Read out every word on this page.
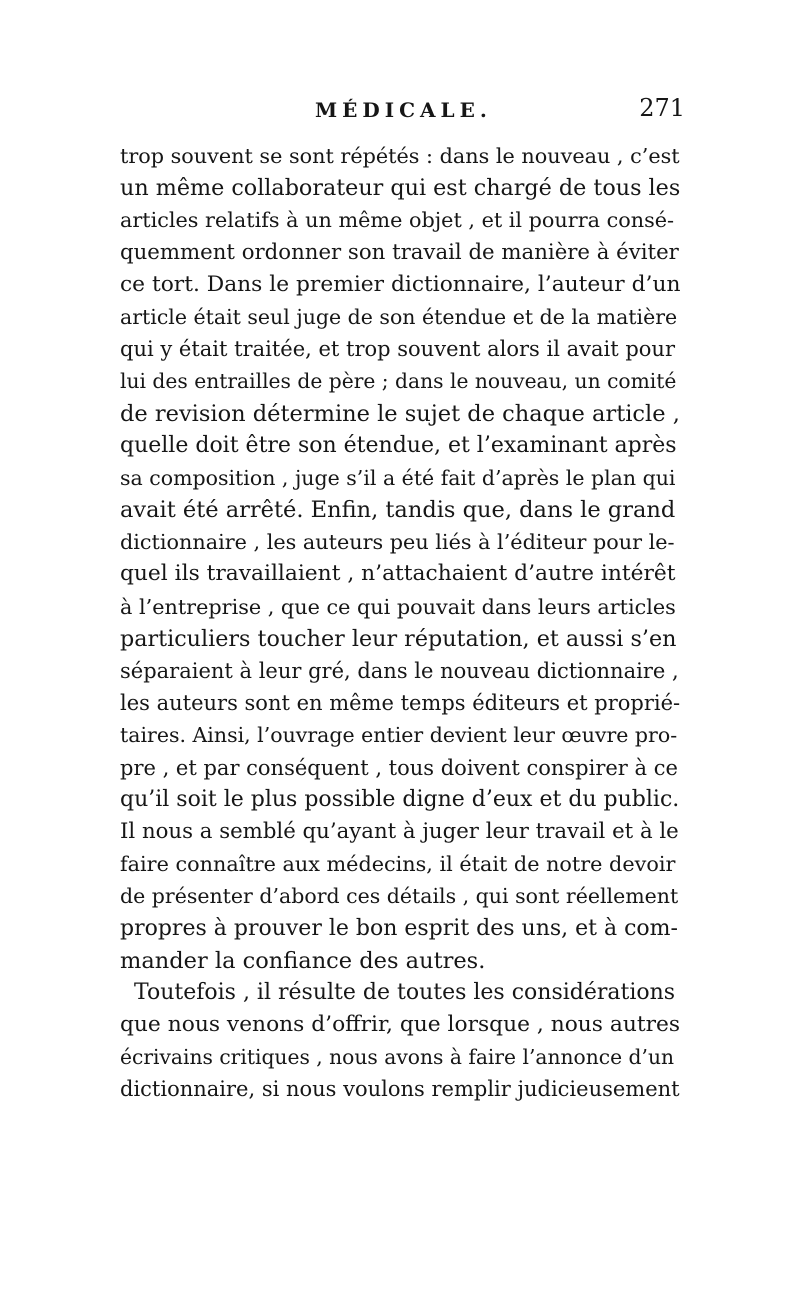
MÉDICALE.	271
trop souvent se sont répétés : dans le nouveau , c’est
un même collaborateur qui est chargé de tous les
articles relatifs à un même objet , et il pourra consé-
quemment ordonner son travail de manière à éviter
ce tort. Dans le premier dictionnaire, l’auteur d’un
article était seul juge de son étendue et de la matière
qui y était traitée, et trop souvent alors il avait pour
lui des entrailles de père ; dans le nouveau, un comité
de revision détermine le sujet de chaque article ,
quelle doit être son étendue, et l’examinant après
sa composition , juge s’il a été fait d’après le plan qui
avait été arrêté. Enfin, tandis que, dans le grand
dictionnaire , les auteurs peu liés à l’éditeur pour le-
quel ils travaillaient , n’attachaient d’autre intérêt
à l’entreprise , que ce qui pouvait dans leurs articles
particuliers toucher leur réputation, et aussi s’en
séparaient à leur gré, dans le nouveau dictionnaire ,
les auteurs sont en même temps éditeurs et proprié-
taires. Ainsi, l’ouvrage entier devient leur œuvre pro-
pre , et par conséquent , tous doivent conspirer à ce
qu’il soit le plus possible digne d’eux et du public.
Il nous a semblé qu’ayant à juger leur travail et à le
faire connaître aux médecins, il était de notre devoir
de présenter d’abord ces détails , qui sont réellement
propres à prouver le bon esprit des uns, et à com-
mander la confiance des autres.
Toutefois , il résulte de toutes les considérations
que nous venons d’offrir, que lorsque , nous autres
écrivains critiques , nous avons à faire l’annonce d’un
dictionnaire, si nous voulons remplir judicieusement
